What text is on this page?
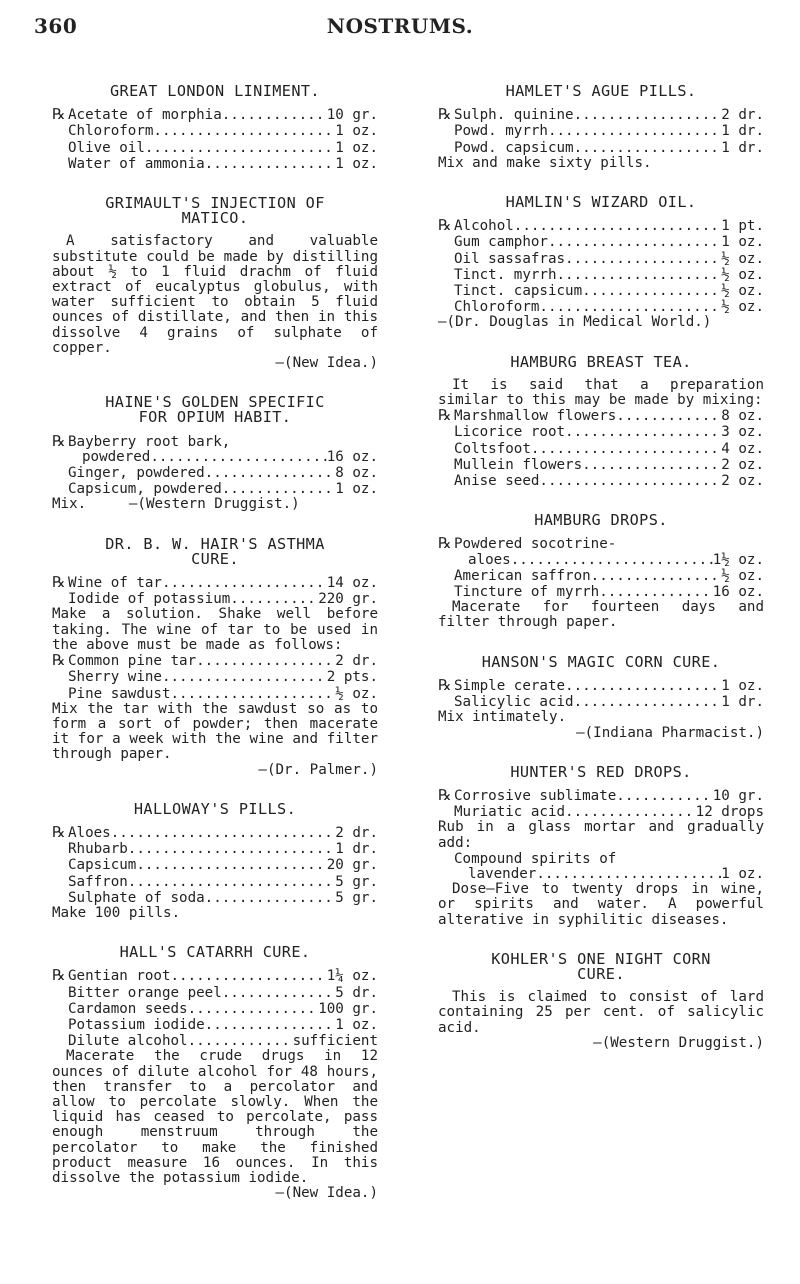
360	NOSTRUMS.
GREAT LONDON LINIMENT.
℞ Acetate of morphia .....	10 gr.
Chloroform .....	1 oz.
Olive oil .....	1 oz.
Water of ammonia .....	1 oz.
GRIMAULT'S INJECTION OF
MATICO.

A satisfactory and valuable substitute could be made by distilling about ½ to 1 fluid drachm of fluid extract of eucalyptus globulus, with water sufficient to obtain 5 fluid ounces of distillate, and then in this dissolve 4 grains of sulphate of copper.

—(New Idea.)

HAINE'S GOLDEN SPECIFIC
FOR OPIUM HABIT.
℞ Bayberry root bark,
powdered .....	16 oz.
Ginger, powdered .....	8 oz.
Capsicum, powdered .....	1 oz.

Mix.     —(Western Druggist.)

DR. B. W. HAIR'S ASTHMA
CURE.
℞ Wine of tar .....	14 oz.
Iodide of potassium .....	220 gr.

Make a solution. Shake well before taking. The wine of tar to be used in the above must be made as follows:

℞ Common pine tar .....	2 dr.
Sherry wine .....	2 pts.
Pine sawdust .....	½ oz.

Mix the tar with the sawdust so as to form a sort of powder; then macerate it for a week with the wine and filter through paper.

—(Dr. Palmer.)

HALLOWAY'S PILLS.
℞ Aloes .....	2 dr.
Rhubarb .....	1 dr.
Capsicum .....	20 gr.
Saffron .....	5 gr.
Sulphate of soda .....	5 gr.

Make 100 pills.

HALL'S CATARRH CURE.
℞ Gentian root .....	1¼ oz.
Bitter orange peel .....	5 dr.
Cardamon seeds .....	100 gr.
Potassium iodide .....	1 oz.
Dilute alcohol .....	sufficient

Macerate the crude drugs in 12 ounces of dilute alcohol for 48 hours, then transfer to a percolator and allow to percolate slowly. When the liquid has ceased to percolate, pass enough menstruum through the percolator to make the finished product measure 16 ounces. In this dissolve the potassium iodide.

—(New Idea.)

HAMLET'S AGUE PILLS.
℞ Sulph. quinine .....	2 dr.
Powd. myrrh .....	1 dr.
Powd. capsicum .....	1 dr.

Mix and make sixty pills.

HAMLIN'S WIZARD OIL.
℞ Alcohol .....	1 pt.
Gum camphor .....	1 oz.
Oil sassafras .....	½ oz.
Tinct. myrrh .....	½ oz.
Tinct. capsicum .....	½ oz.
Chloroform .....	½ oz.

—(Dr. Douglas in Medical World.)

HAMBURG BREAST TEA.

It is said that a preparation similar to this may be made by mixing:

℞ Marshmallow flowers .....	8 oz.
Licorice root .....	3 oz.
Coltsfoot .....	4 oz.
Mullein flowers .....	2 oz.
Anise seed .....	2 oz.
HAMBURG DROPS.
℞ Powdered socotrine-
aloes .....	1½ oz.
American saffron .....	½ oz.
Tincture of myrrh .....	16 oz.

Macerate for fourteen days and filter through paper.

HANSON'S MAGIC CORN CURE.
℞ Simple cerate .....	1 oz.
Salicylic acid .....	1 dr.

Mix intimately.

—(Indiana Pharmacist.)

HUNTER'S RED DROPS.
℞ Corrosive sublimate .....	10 gr.
Muriatic acid .....	12 drops

Rub in a glass mortar and gradually add:

Compound spirits of
lavender .....	1 oz.

Dose—Five to twenty drops in wine, or spirits and water. A powerful alterative in syphilitic diseases.

KOHLER'S ONE NIGHT CORN
CURE.

This is claimed to consist of lard containing 25 per cent. of salicylic acid.

—(Western Druggist.)
